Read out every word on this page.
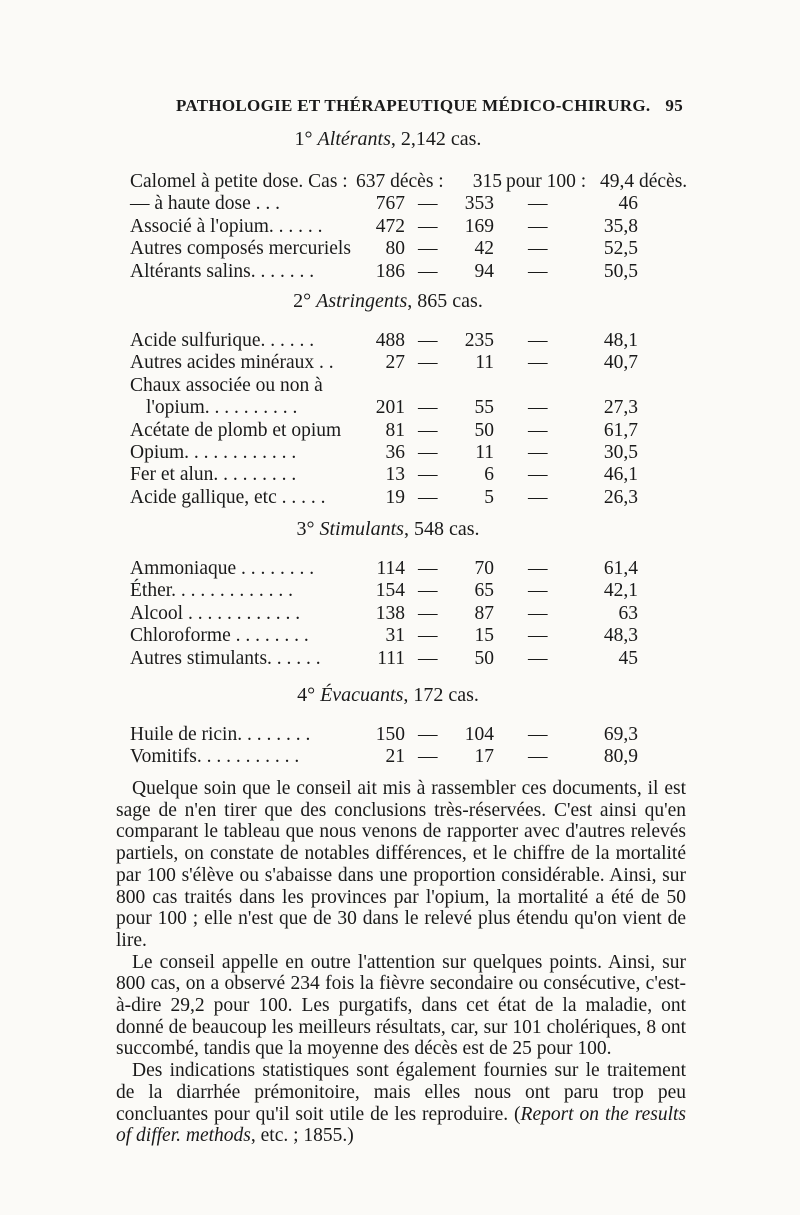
PATHOLOGIE ET THÉRAPEUTIQUE MÉDICO-CHIRURG. 95
1° Altérants, 2,142 cas.
Calomel à petite dose. Cas : 637 décès :	315 pour 100 : 49,4 décès.
— à haute dose . . .	767 —	353 —	46
Associé à l'opium. . . . . .	472 —	169 —	35,8
Autres composés mercuriels	80 —	42 —	52,5
Altérants salins. . . . . . .	186 —	94 —	50,5
2° Astringents, 865 cas.
Acide sulfurique. . . . . .	488 —	235 —	48,1
Autres acides minéraux . .	27 —	11 —	40,7
Chaux associée ou non à
l'opium. . . . . . . . . .	201 —	55 —	27,3
Acétate de plomb et opium	81 —	50 —	61,7
Opium. . . . . . . . . . . .	36 —	11 —	30,5
Fer et alun. . . . . . . . .	13 —	6 —	46,1
Acide gallique, etc . . . . .	19 —	5 —	26,3
3° Stimulants, 548 cas.
Ammoniaque . . . . . . . .	114 —	70 —	61,4
Éther. . . . . . . . . . . . .	154 —	65 —	42,1
Alcool . . . . . . . . . . . .	138 —	87 —	63
Chloroforme . . . . . . . .	31 —	15 —	48,3
Autres stimulants. . . . . .	111 —	50 —	45
4° Évacuants, 172 cas.
Huile de ricin. . . . . . . .	150 —	104 —	69,3
Vomitifs. . . . . . . . . . .	21 —	17 —	80,9

Quelque soin que le conseil ait mis à rassembler ces documents, il est sage de n'en tirer que des conclusions très-réservées. C'est ainsi qu'en comparant le tableau que nous venons de rapporter avec d'autres relevés partiels, on constate de notables différences, et le chiffre de la mortalité par 100 s'élève ou s'abaisse dans une proportion considérable. Ainsi, sur 800 cas traités dans les provinces par l'opium, la mortalité a été de 50 pour 100 ; elle n'est que de 30 dans le relevé plus étendu qu'on vient de lire.

Le conseil appelle en outre l'attention sur quelques points. Ainsi, sur 800 cas, on a observé 234 fois la fièvre secondaire ou consécutive, c'est-à-dire 29,2 pour 100. Les purgatifs, dans cet état de la maladie, ont donné de beaucoup les meilleurs résultats, car, sur 101 cholériques, 8 ont succombé, tandis que la moyenne des décès est de 25 pour 100.

Des indications statistiques sont également fournies sur le traitement de la diarrhée prémonitoire, mais elles nous ont paru trop peu concluantes pour qu'il soit utile de les reproduire. (Report on the results of differ. methods, etc. ; 1855.)
